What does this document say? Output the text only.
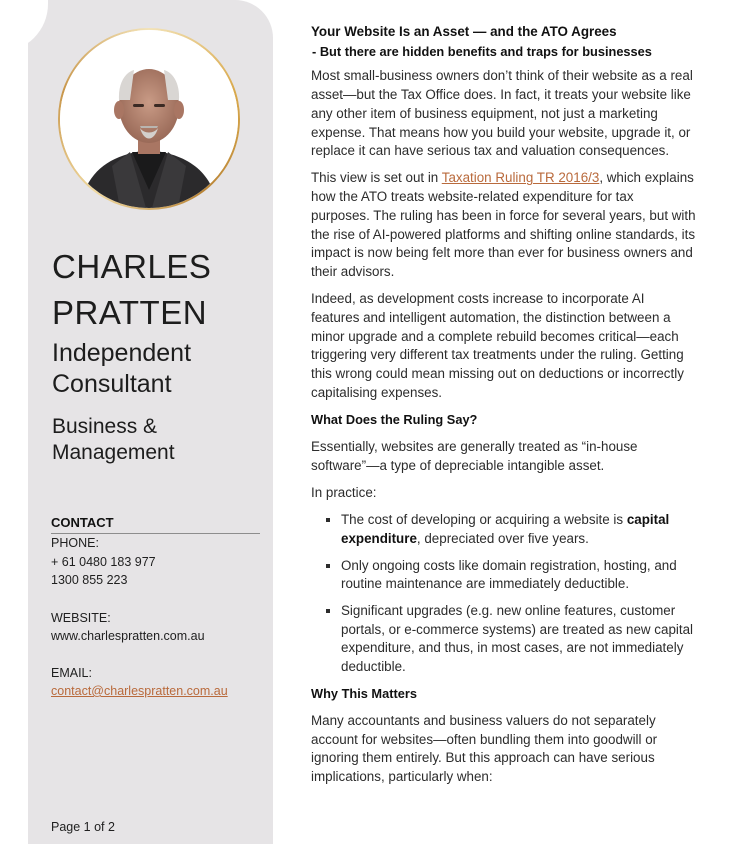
CHARLES
PRATTEN
Independent
Consultant
Business &
Management
CONTACT
PHONE:
+ 61 0480 183 977
1300 855 223
WEBSITE:
www.charlespratten.com.au
EMAIL:
contact@charlespratten.com.au
Page 1 of 2

Your Website Is an Asset — and the ATO Agrees

- But there are hidden benefits and traps for businesses

Most small-business owners don’t think of their website as a real asset—but the Tax Office does. In fact, it treats your website like any other item of business equipment, not just a marketing expense. That means how you build your website, upgrade it, or replace it can have serious tax and valuation consequences.

This view is set out in Taxation Ruling TR 2016/3, which explains how the ATO treats website-related expenditure for tax purposes. The ruling has been in force for several years, but with the rise of AI-powered platforms and shifting online standards, its impact is now being felt more than ever for business owners and their advisors.

Indeed, as development costs increase to incorporate AI features and intelligent automation, the distinction between a minor upgrade and a complete rebuild becomes critical—each triggering very different tax treatments under the ruling. Getting this wrong could mean missing out on deductions or incorrectly capitalising expenses.

What Does the Ruling Say?

Essentially, websites are generally treated as “in-house software”—a type of depreciable intangible asset.

In practice:

The cost of developing or acquiring a website is capital expenditure, depreciated over five years.
Only ongoing costs like domain registration, hosting, and routine maintenance are immediately deductible.
Significant upgrades (e.g. new online features, customer portals, or e-commerce systems) are treated as new capital expenditure, and thus, in most cases, are not immediately deductible.

Why This Matters

Many accountants and business valuers do not separately account for websites—often bundling them into goodwill or ignoring them entirely. But this approach can have serious implications, particularly when:
